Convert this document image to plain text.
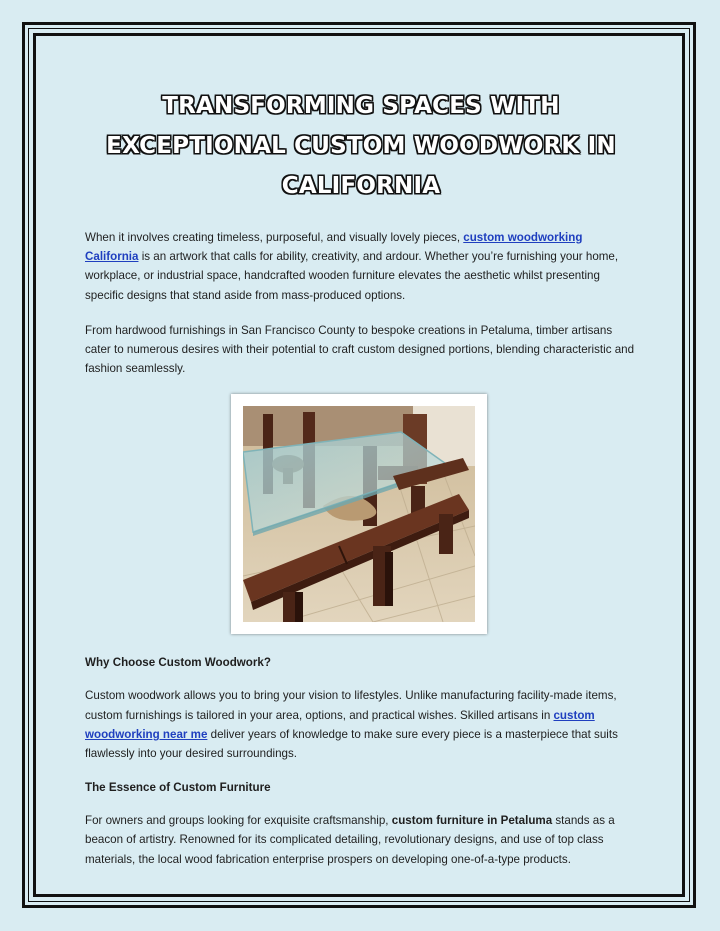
TRANSFORMING SPACES WITH EXCEPTIONAL CUSTOM WOODWORK IN CALIFORNIA

When it involves creating timeless, purposeful, and visually lovely pieces, custom woodworking California is an artwork that calls for ability, creativity, and ardour. Whether you’re furnishing your home, workplace, or industrial space, handcrafted wooden furniture elevates the aesthetic whilst presenting specific designs that stand aside from mass-produced options.

From hardwood furnishings in San Francisco County to bespoke creations in Petaluma, timber artisans cater to numerous desires with their potential to craft custom designed portions, blending characteristic and fashion seamlessly.

Why Choose Custom Woodwork?

Custom woodwork allows you to bring your vision to lifestyles. Unlike manufacturing facility-made items, custom furnishings is tailored in your area, options, and practical wishes. Skilled artisans in custom woodworking near me deliver years of knowledge to make sure every piece is a masterpiece that suits flawlessly into your desired surroundings.

The Essence of Custom Furniture

For owners and groups looking for exquisite craftsmanship, custom furniture in Petaluma stands as a beacon of artistry. Renowned for its complicated detailing, revolutionary designs, and use of top class materials, the local wood fabrication enterprise prospers on developing one-of-a-type products.
